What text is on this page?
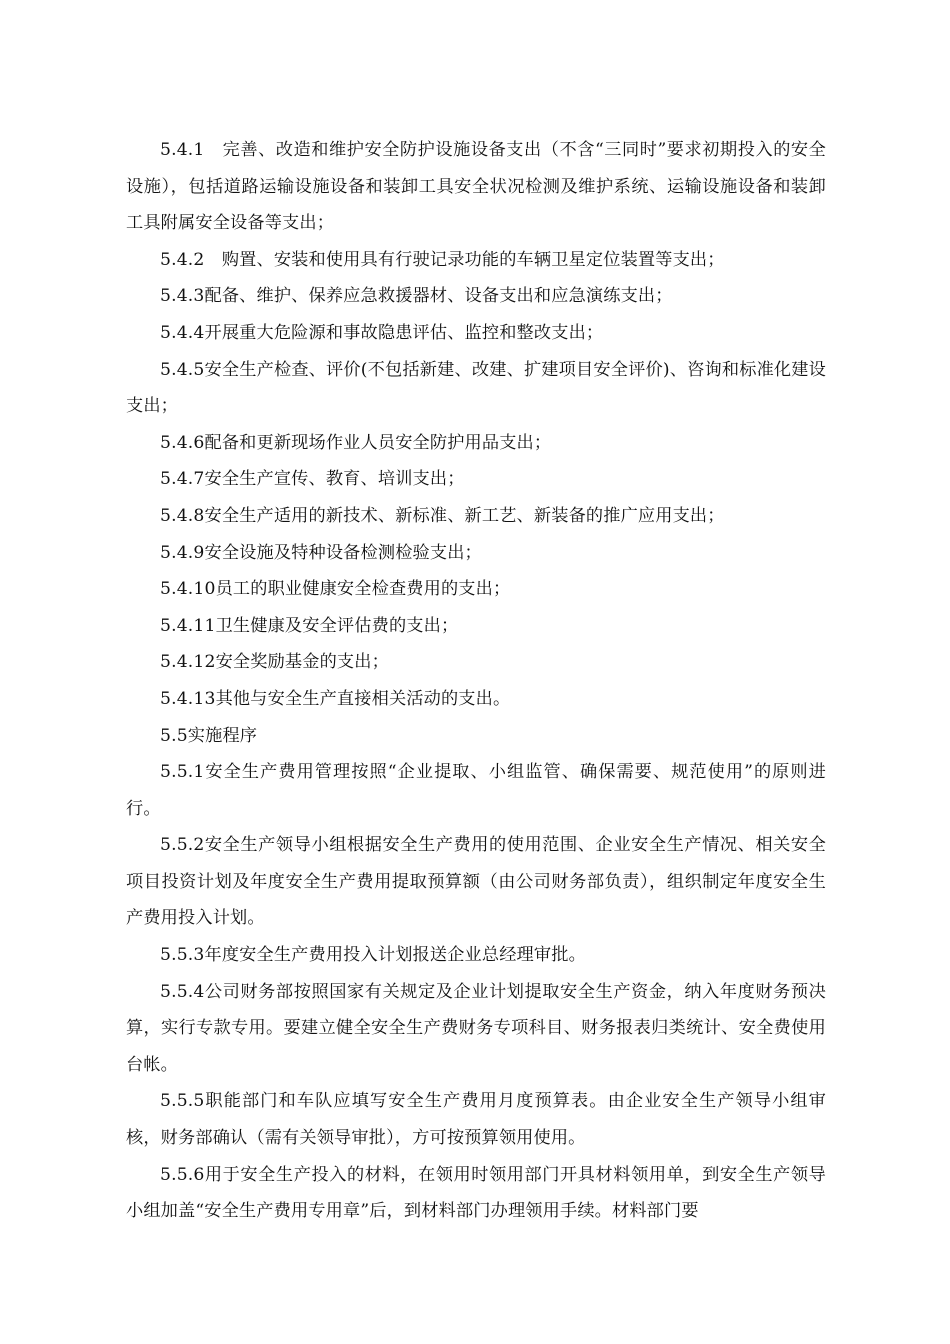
5.4.1　完善、改造和维护安全防护设施设备支出（不含“三同时”要求初期投入的安全设施），包括道路运输设施设备和装卸工具安全状况检测及维护系统、运输设施设备和装卸工具附属安全设备等支出；

5.4.2　购置、安装和使用具有行驶记录功能的车辆卫星定位装置等支出；

5.4.3配备、维护、保养应急救援器材、设备支出和应急演练支出；

5.4.4开展重大危险源和事故隐患评估、监控和整改支出；

5.4.5安全生产检查、评价(不包括新建、改建、扩建项目安全评价)、咨询和标准化建设支出；

5.4.6配备和更新现场作业人员安全防护用品支出；

5.4.7安全生产宣传、教育、培训支出；

5.4.8安全生产适用的新技术、新标准、新工艺、新装备的推广应用支出；

5.4.9安全设施及特种设备检测检验支出；

5.4.10员工的职业健康安全检查费用的支出；

5.4.11卫生健康及安全评估费的支出；

5.4.12安全奖励基金的支出；

5.4.13其他与安全生产直接相关活动的支出。

5.5实施程序

5.5.1安全生产费用管理按照“企业提取、小组监管、确保需要、规范使用”的原则进行。

5.5.2安全生产领导小组根据安全生产费用的使用范围、企业安全生产情况、相关安全项目投资计划及年度安全生产费用提取预算额（由公司财务部负责），组织制定年度安全生产费用投入计划。

5.5.3年度安全生产费用投入计划报送企业总经理审批。

5.5.4公司财务部按照国家有关规定及企业计划提取安全生产资金，纳入年度财务预决算，实行专款专用。要建立健全安全生产费财务专项科目、财务报表归类统计、安全费使用台帐。

5.5.5职能部门和车队应填写安全生产费用月度预算表。由企业安全生产领导小组审核，财务部确认（需有关领导审批），方可按预算领用使用。

5.5.6用于安全生产投入的材料，在领用时领用部门开具材料领用单，到安全生产领导小组加盖“安全生产费用专用章”后，到材料部门办理领用手续。材料部门要
